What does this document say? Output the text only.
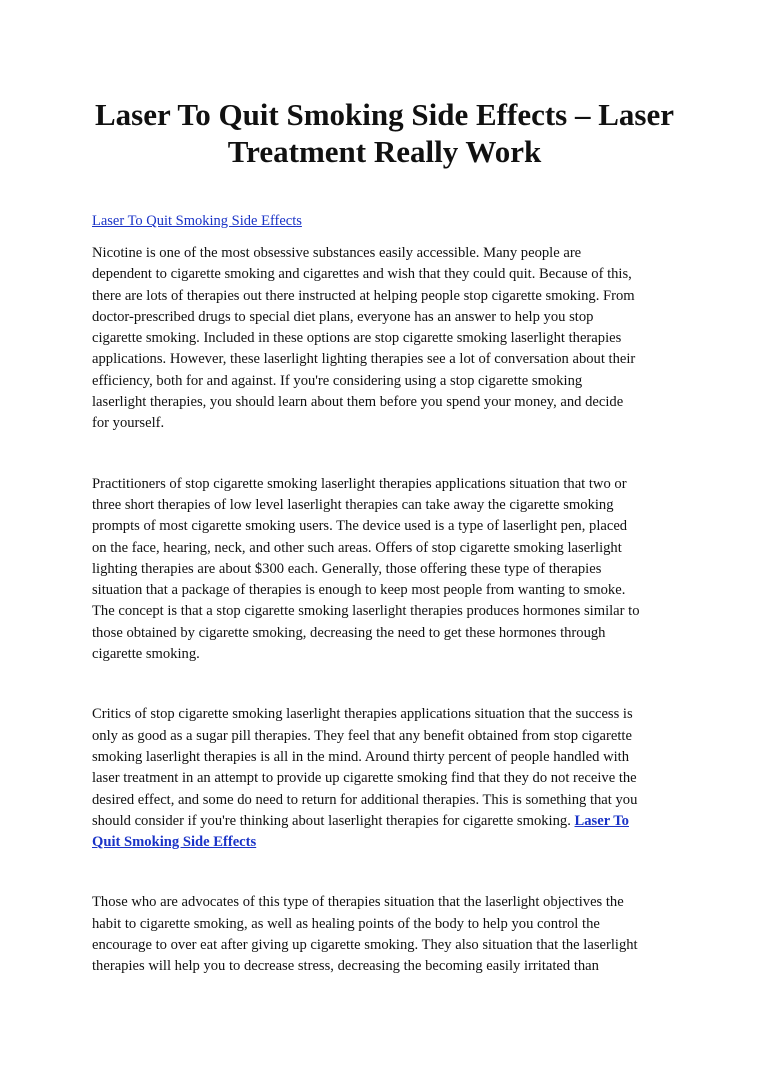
Laser To Quit Smoking Side Effects – Laser
Treatment Really Work
Laser To Quit Smoking Side Effects

Nicotine is one of the most obsessive substances easily accessible. Many people are
dependent to cigarette smoking and cigarettes and wish that they could quit. Because of this,
there are lots of therapies out there instructed at helping people stop cigarette smoking. From
doctor-prescribed drugs to special diet plans, everyone has an answer to help you stop
cigarette smoking. Included in these options are stop cigarette smoking laserlight therapies
applications. However, these laserlight lighting therapies see a lot of conversation about their
efficiency, both for and against. If you're considering using a stop cigarette smoking
laserlight therapies, you should learn about them before you spend your money, and decide
for yourself.

Practitioners of stop cigarette smoking laserlight therapies applications situation that two or
three short therapies of low level laserlight therapies can take away the cigarette smoking
prompts of most cigarette smoking users. The device used is a type of laserlight pen, placed
on the face, hearing, neck, and other such areas. Offers of stop cigarette smoking laserlight
lighting therapies are about $300 each. Generally, those offering these type of therapies
situation that a package of therapies is enough to keep most people from wanting to smoke.
The concept is that a stop cigarette smoking laserlight therapies produces hormones similar to
those obtained by cigarette smoking, decreasing the need to get these hormones through
cigarette smoking.

Critics of stop cigarette smoking laserlight therapies applications situation that the success is
only as good as a sugar pill therapies. They feel that any benefit obtained from stop cigarette
smoking laserlight therapies is all in the mind. Around thirty percent of people handled with
laser treatment in an attempt to provide up cigarette smoking find that they do not receive the
desired effect, and some do need to return for additional therapies. This is something that you
should consider if you're thinking about laserlight therapies for cigarette smoking. Laser To
Quit Smoking Side Effects

Those who are advocates of this type of therapies situation that the laserlight objectives the
habit to cigarette smoking, as well as healing points of the body to help you control the
encourage to over eat after giving up cigarette smoking. They also situation that the laserlight
therapies will help you to decrease stress, decreasing the becoming easily irritated than
